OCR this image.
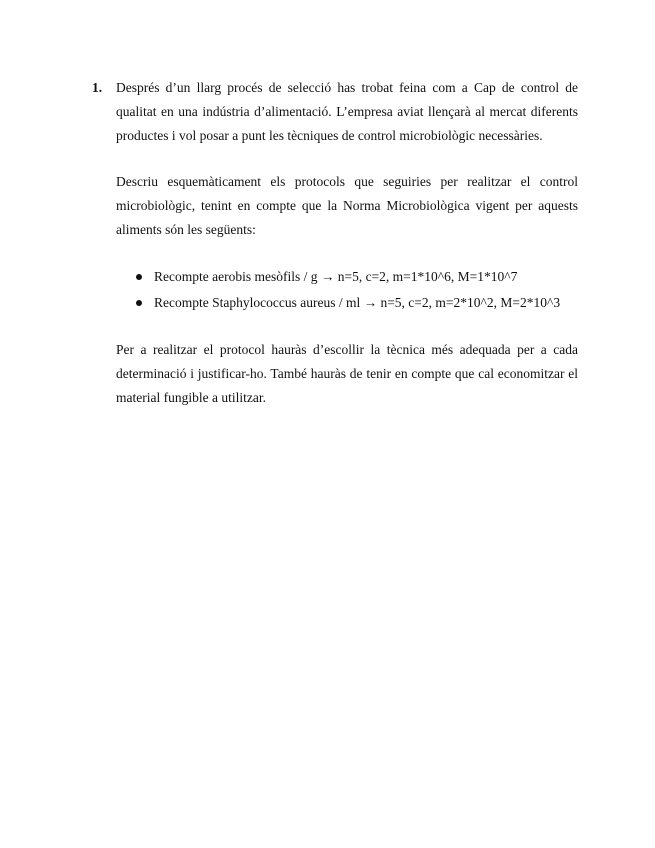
1. Després d’un llarg procés de selecció has trobat feina com a Cap de control de qualitat en una indústria d’alimentació. L’empresa aviat llençarà al mercat diferents productes i vol posar a punt les tècniques de control microbiològic necessàries.

Descriu esquemàticament els protocols que seguiries per realitzar el control microbiològic, tenint en compte que la Norma Microbiològica vigent per aquests aliments són les següents:

Recompte aerobis mesòfils / g → n=5, c=2, m=1*10^6, M=1*10^7
Recompte Staphylococcus aureus / ml → n=5, c=2, m=2*10^2, M=2*10^3

Per a realitzar el protocol hauràs d’escollir la tècnica més adequada per a cada determinació i justificar-ho. També hauràs de tenir en compte que cal economitzar el material fungible a utilitzar.
